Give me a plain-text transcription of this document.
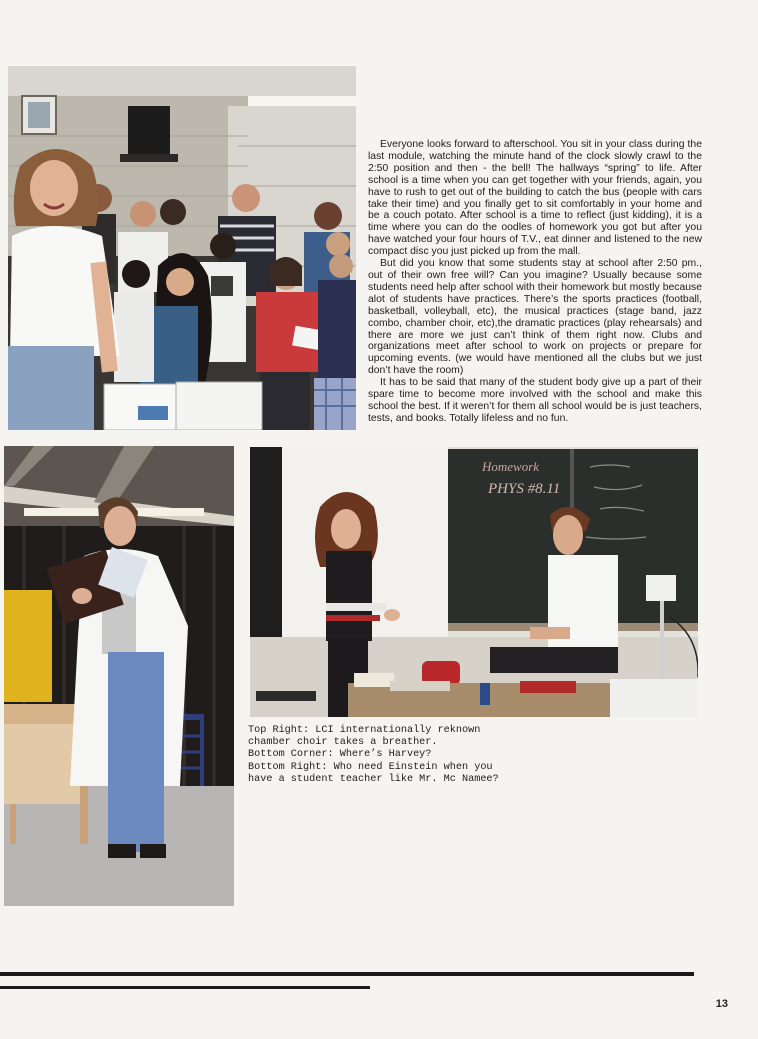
Everyone looks forward to afterschool. You sit in your class during the last module, watching the minute hand of the clock slowly crawl to the 2:50 position and then - the bell! The hallways “spring” to life. After school is a time when you can get together with your friends, again, you have to rush to get out of the building to catch the bus (people with cars take their time) and you finally get to sit comfortably in your home and be a couch potato. After school is a time to reflect (just kidding), it is a time where you can do the oodles of homework you got but after you have watched your four hours of T.V., eat dinner and listened to the new compact disc you just picked up from the mall.

But did you know that some students stay at school after 2:50 pm., out of their own free will? Can you imagine? Usually because some students need help after school with their homework but mostly because alot of students have practices. There’s the sports practices (football, basketball, volleyball, etc), the musical practices (stage band, jazz combo, chamber choir, etc),the dramatic practices (play rehearsals) and there are more we just can’t think of them right now. Clubs and organizations meet after school to work on projects or prepare for upcoming events. (we would have mentioned all the clubs but we just don’t have the room)

It has to be said that many of the student body give up a part of their spare time to become more involved with the school and make this school the best. If it weren’t for them all school would be is just teachers, tests, and books. Totally lifeless and no fun.

Homework
PHYS #8.11
Top Right: LCI internationally reknown chamber choir takes a breather.
Bottom Corner: Where’s Harvey?
Bottom Right: Who need Einstein when you have a student teacher like Mr. Mc Namee?
13
